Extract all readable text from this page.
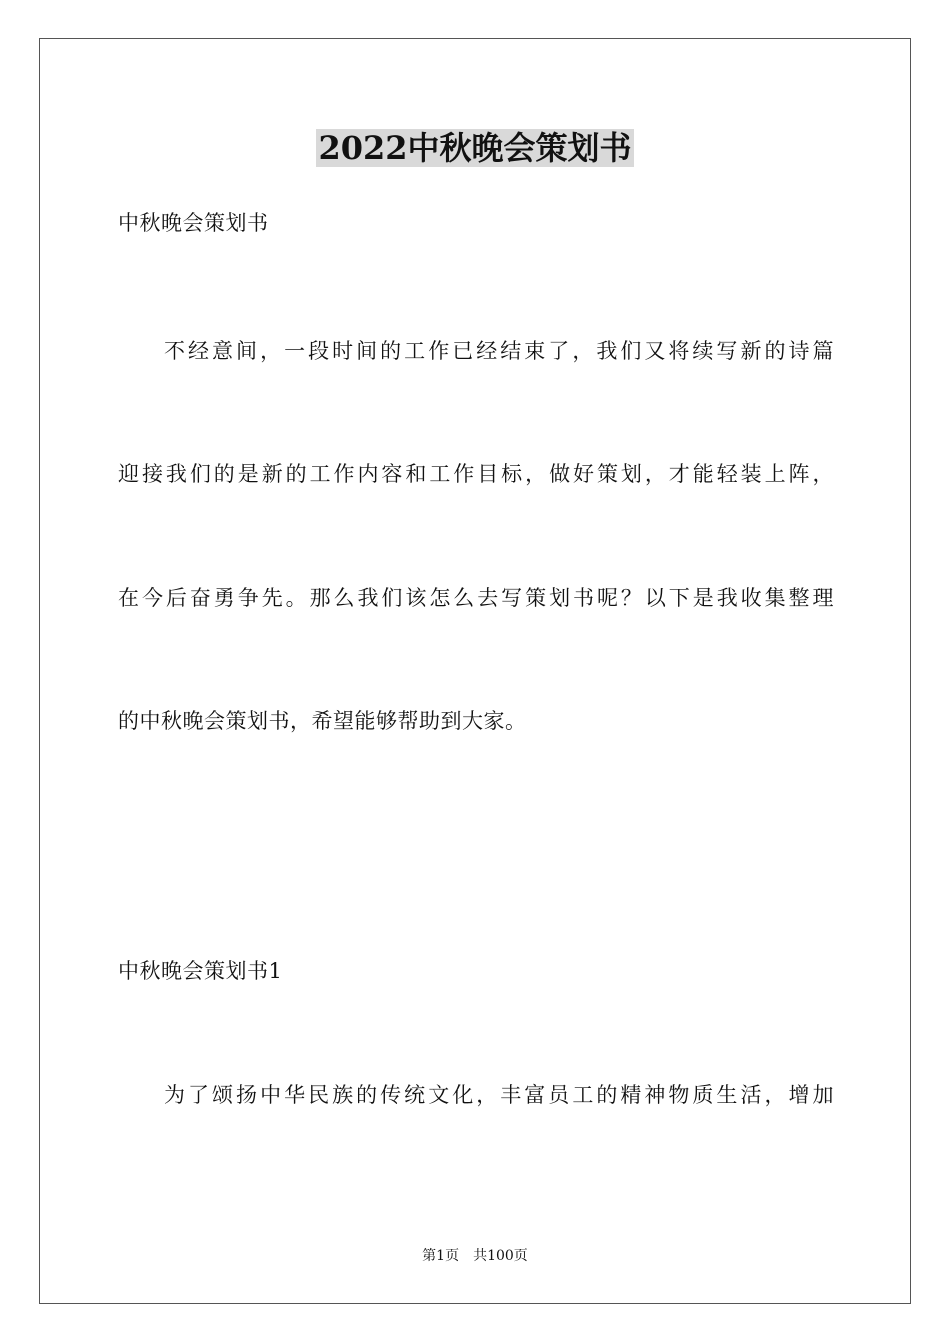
2022中秋晚会策划书
中秋晚会策划书
不经意间，一段时间的工作已经结束了，我们又将续写新的诗篇
迎接我们的是新的工作内容和工作目标，做好策划，才能轻装上阵，
在今后奋勇争先。那么我们该怎么去写策划书呢？以下是我收集整理
的中秋晚会策划书，希望能够帮助到大家。
中秋晚会策划书1
为了颂扬中华民族的传统文化，丰富员工的精神物质生活，增加
第1页　共100页
